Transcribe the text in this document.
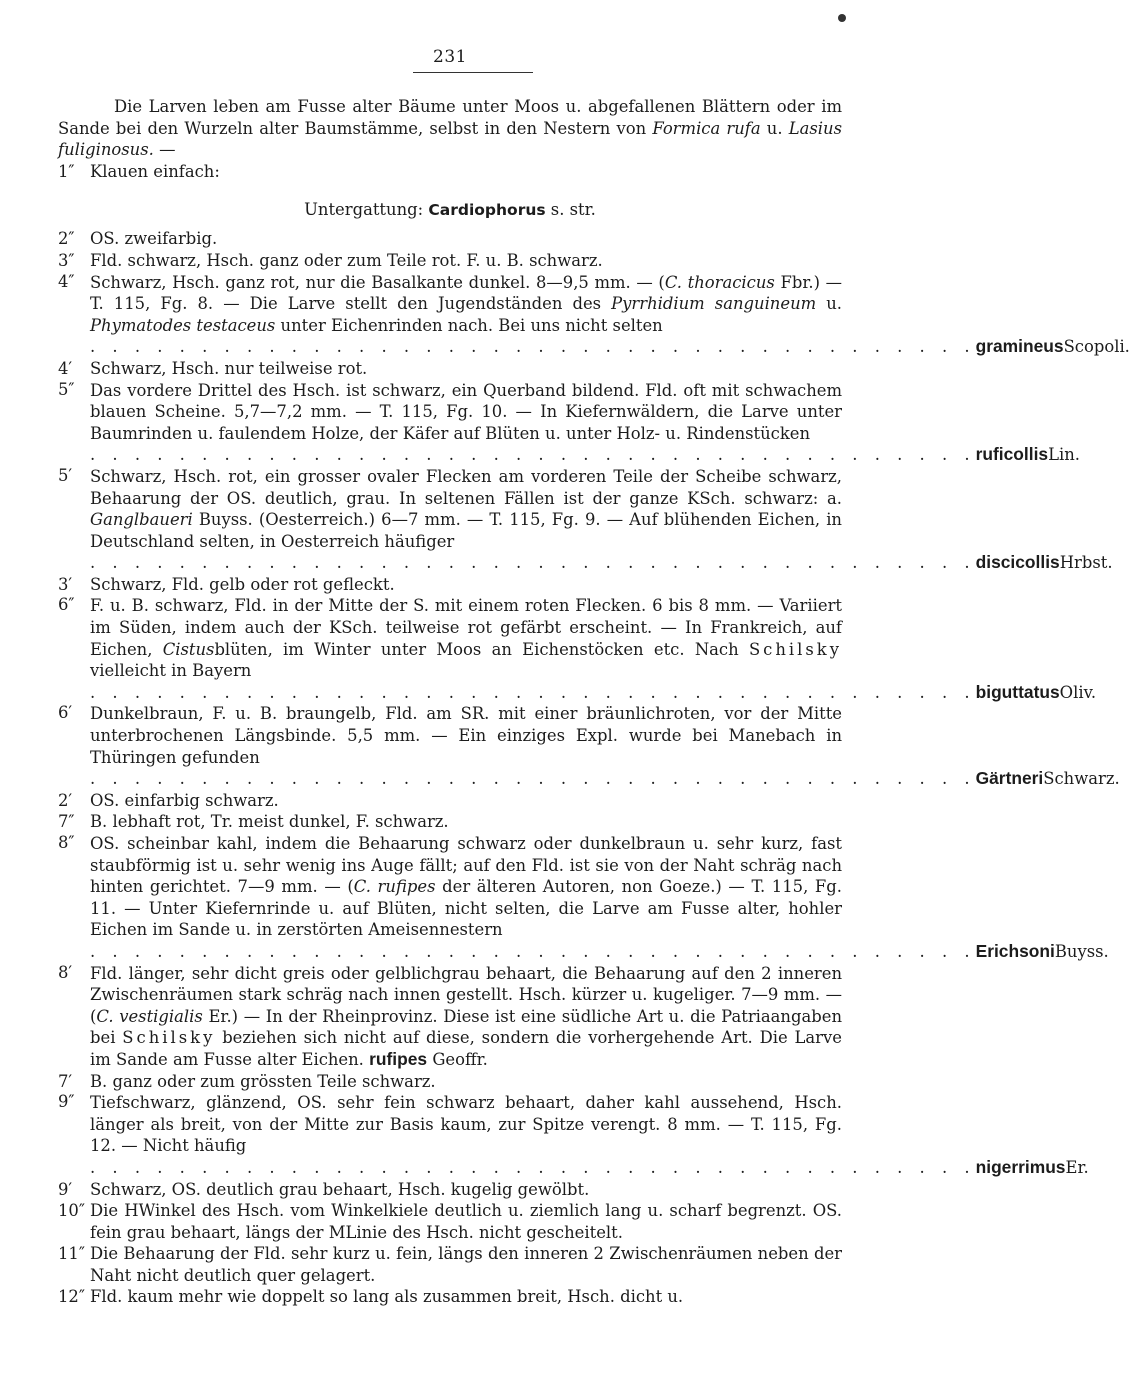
231

Die Larven leben am Fusse alter Bäume unter Moos u. abgefallenen Blättern oder im Sande bei den Wurzeln alter Baumstämme, selbst in den Nestern von Formica rufa u. Lasius fuliginosus. —

1″ Klauen einfach:

Untergattung: Cardiophorus s. str.

2″ OS. zweifarbig.

3″ Fld. schwarz, Hsch. ganz oder zum Teile rot. F. u. B. schwarz.

4″ Schwarz, Hsch. ganz rot, nur die Basalkante dunkel. 8—9,5 mm. — (C. thoracicus Fbr.) — T. 115, Fg. 8. — Die Larve stellt den Jugendständen des Pyrrhidium sanguineum u. Phymatodes testaceus unter Eichenrinden nach. Bei uns nicht selten

. . . . . . . . . . . . . . . . . . . . . . . . . . . . . . . . . . . . . . . . gramineus Scopoli.

4′	Schwarz, Hsch. nur teilweise rot.

5″ Das vordere Drittel des Hsch. ist schwarz, ein Querband bildend. Fld. oft mit schwachem blauen Scheine. 5,7—7,2 mm. — T. 115, Fg. 10. — In Kiefernwäldern, die Larve unter Baumrinden u. faulendem Holze, der Käfer auf Blüten u. unter Holz- u. Rindenstücken

. . . . . . . . . . . . . . . . . . . . . . . . . . . . . . . . . . . . . . . . ruficollis Lin.

5′	Schwarz, Hsch. rot, ein grosser ovaler Flecken am vorderen Teile der Scheibe schwarz, Behaarung der OS. deutlich, grau. In seltenen Fällen ist der ganze KSch. schwarz: a. Ganglbaueri Buyss. (Oesterreich.) 6—7 mm. — T. 115, Fg. 9. — Auf blühenden Eichen, in Deutschland selten, in Oesterreich häufiger

. . . . . . . . . . . . . . . . . . . . . . . . . . . . . . . . . . . . . . . . discicollis Hrbst.

3′	Schwarz, Fld. gelb oder rot gefleckt.

6″ F. u. B. schwarz, Fld. in der Mitte der S. mit einem roten Flecken. 6 bis 8 mm. — Variiert im Süden, indem auch der KSch. teilweise rot gefärbt erscheint. — In Frankreich, auf Eichen, Cistusblüten, im Winter unter Moos an Eichenstöcken etc. Nach Schilsky vielleicht in Bayern

. . . . . . . . . . . . . . . . . . . . . . . . . . . . . . . . . . . . . . . . biguttatus Oliv.

6′	Dunkelbraun, F. u. B. braungelb, Fld. am SR. mit einer bräunlichroten, vor der Mitte unterbrochenen Längsbinde. 5,5 mm. — Ein einziges Expl. wurde bei Manebach in Thüringen gefunden

. . . . . . . . . . . . . . . . . . . . . . . . . . . . . . . . . . . . . . . . Gärtneri Schwarz.

2′	OS. einfarbig schwarz.

7″ B. lebhaft rot, Tr. meist dunkel, F. schwarz.

8″ OS. scheinbar kahl, indem die Behaarung schwarz oder dunkelbraun u. sehr kurz, fast staubförmig ist u. sehr wenig ins Auge fällt; auf den Fld. ist sie von der Naht schräg nach hinten gerichtet. 7—9 mm. — (C. rufipes der älteren Autoren, non Goeze.) — T. 115, Fg. 11. — Unter Kiefernrinde u. auf Blüten, nicht selten, die Larve am Fusse alter, hohler Eichen im Sande u. in zerstörten Ameisennestern

. . . . . . . . . . . . . . . . . . . . . . . . . . . . . . . . . . . . . . . . Erichsoni Buyss.

8′	Fld. länger, sehr dicht greis oder gelblichgrau behaart, die Behaarung auf den 2 inneren Zwischenräumen stark schräg nach innen gestellt. Hsch. kürzer u. kugeliger. 7—9 mm. — (C. vestigialis Er.) — In der Rheinprovinz. Diese ist eine südliche Art u. die Patriaangaben bei Schilsky beziehen sich nicht auf diese, sondern die vorhergehende Art. Die Larve im Sande am Fusse alter Eichen. rufipes Geoffr.

7′	B. ganz oder zum grössten Teile schwarz.

9″ Tiefschwarz, glänzend, OS. sehr fein schwarz behaart, daher kahl aussehend, Hsch. länger als breit, von der Mitte zur Basis kaum, zur Spitze verengt. 8 mm. — T. 115, Fg. 12. — Nicht häufig

. . . . . . . . . . . . . . . . . . . . . . . . . . . . . . . . . . . . . . . . nigerrimus Er.

9′	Schwarz, OS. deutlich grau behaart, Hsch. kugelig gewölbt.

10″ Die HWinkel des Hsch. vom Winkelkiele deutlich u. ziemlich lang u. scharf begrenzt. OS. fein grau behaart, längs der MLinie des Hsch. nicht gescheitelt.

11″ Die Behaarung der Fld. sehr kurz u. fein, längs den inneren 2 Zwischenräumen neben der Naht nicht deutlich quer gelagert.

12″ Fld. kaum mehr wie doppelt so lang als zusammen breit, Hsch. dicht u.
